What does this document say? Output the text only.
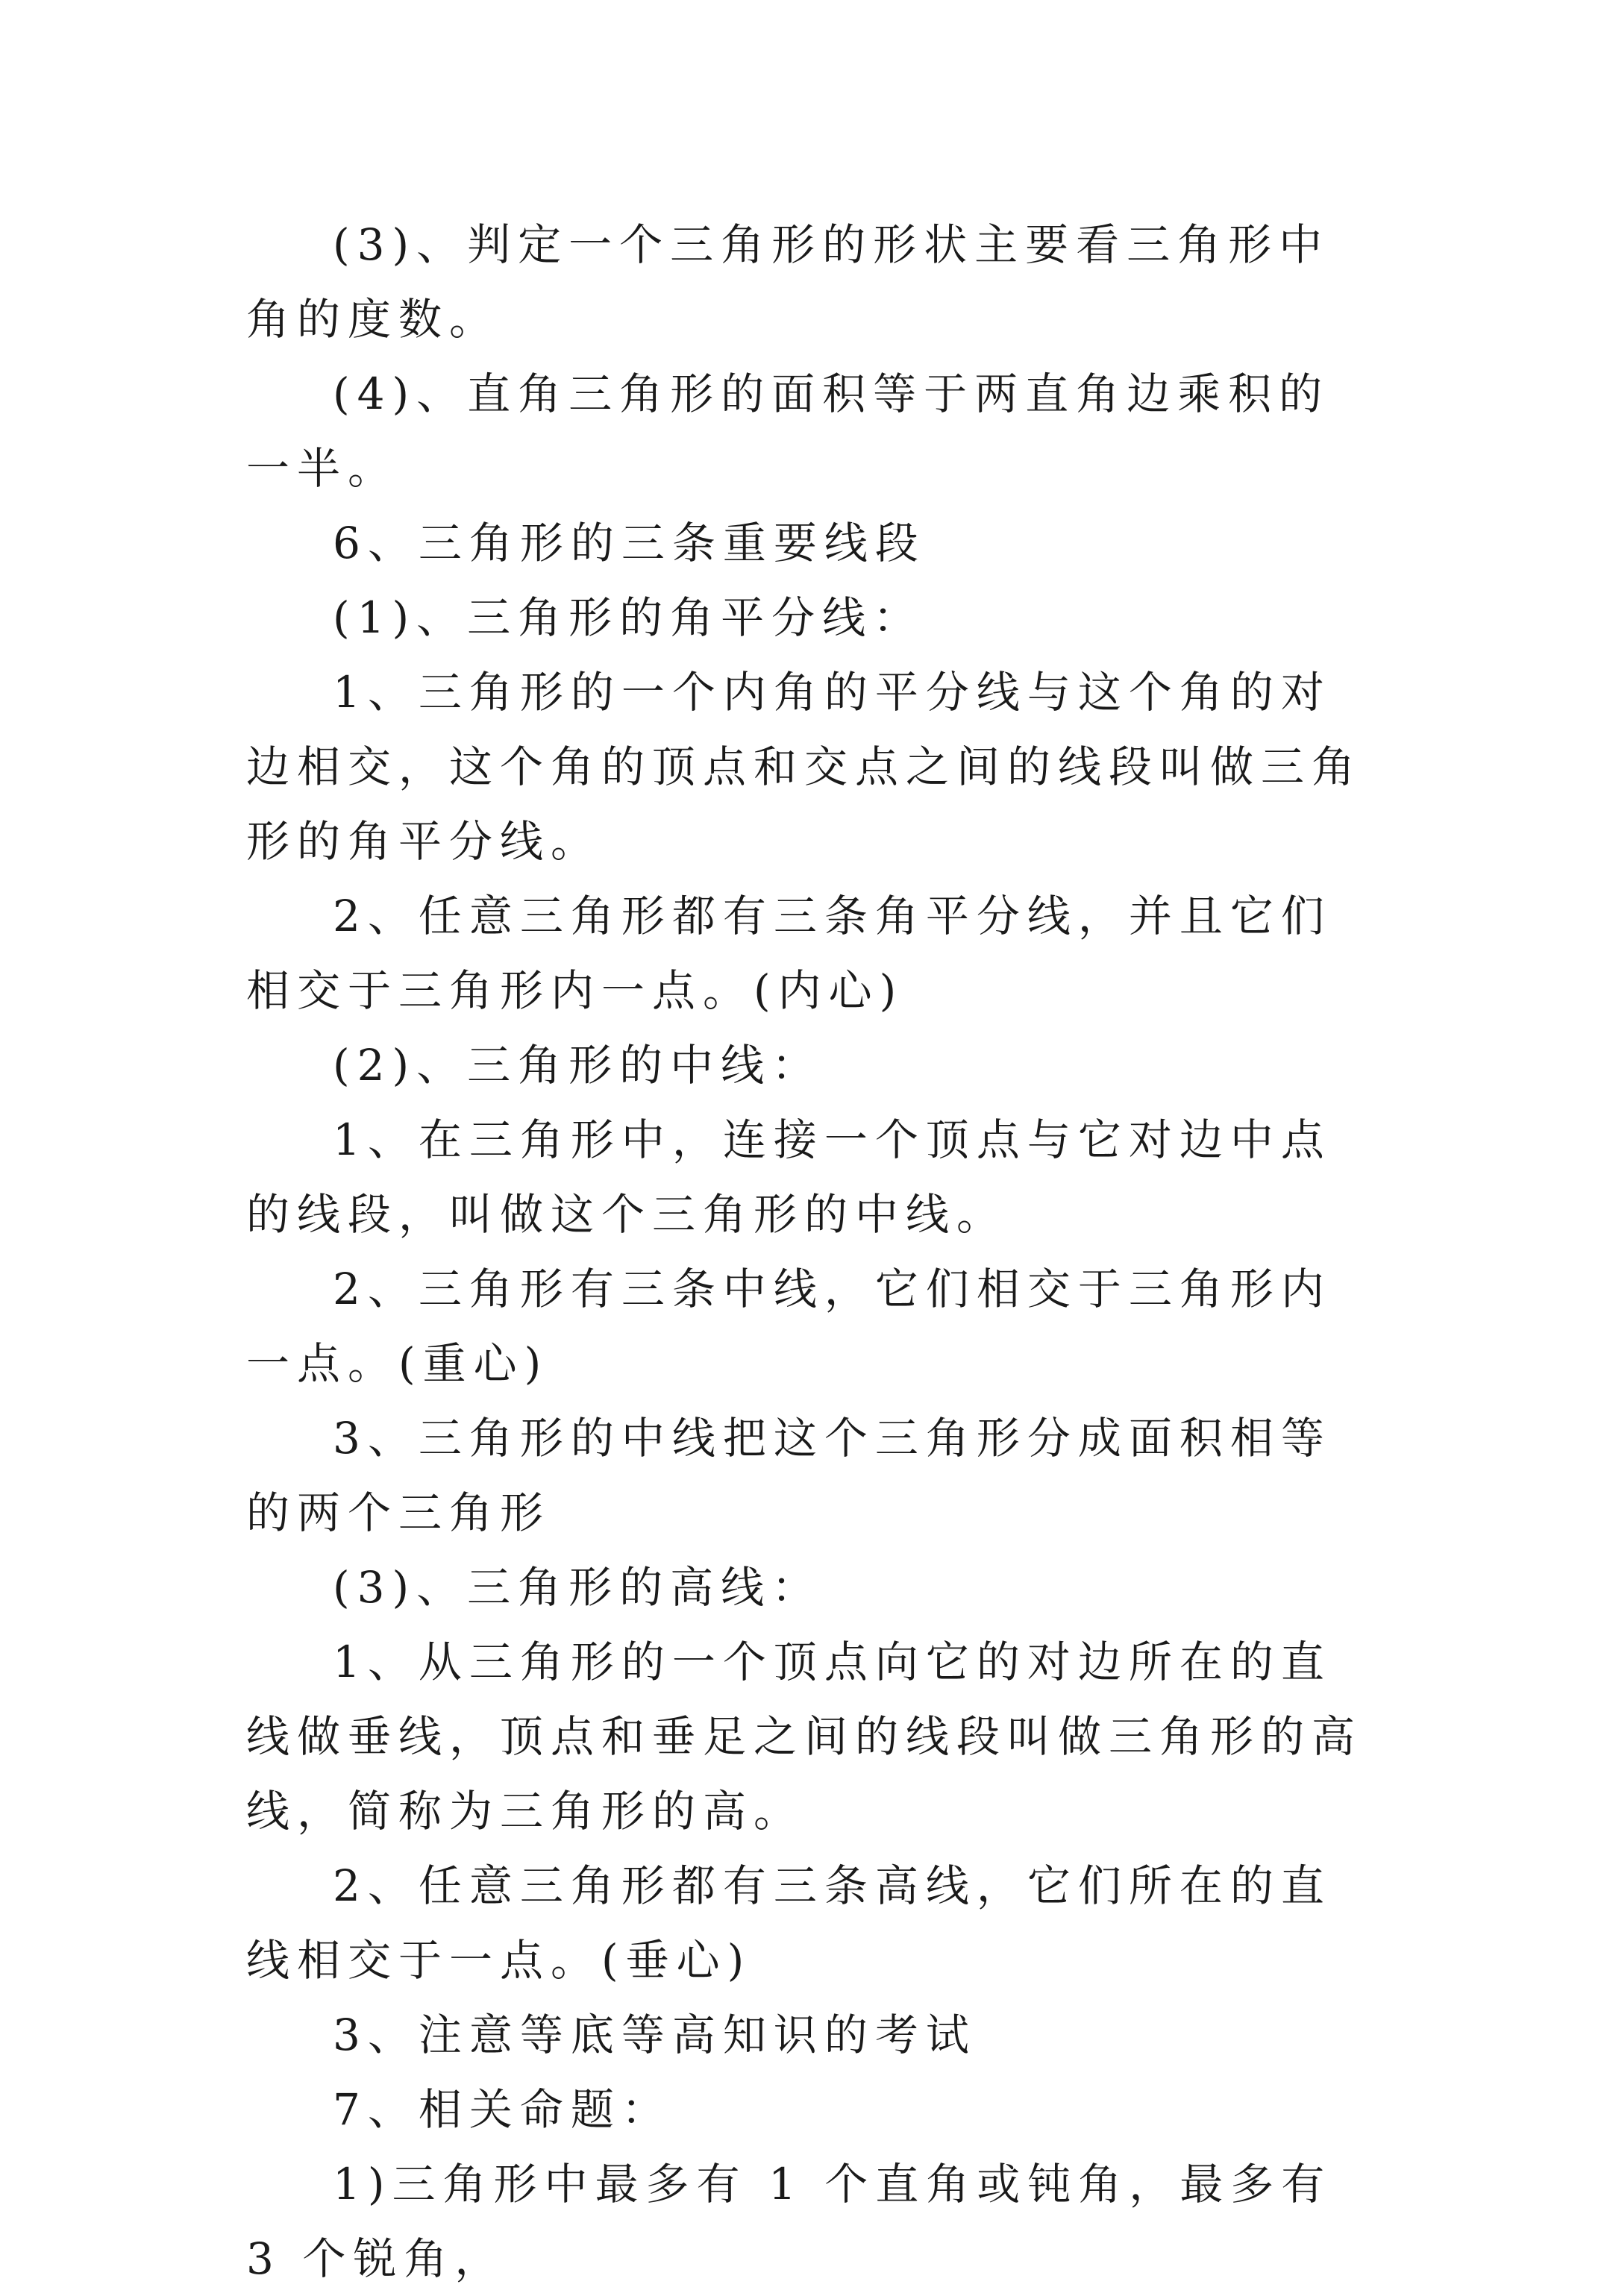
(3)、判定一个三角形的形状主要看三角形中角的度数。

(4)、直角三角形的面积等于两直角边乘积的一半。

6、三角形的三条重要线段

(1)、三角形的角平分线：

1、三角形的一个内角的平分线与这个角的对边相交，这个角的顶点和交点之间的线段叫做三角形的角平分线。

2、任意三角形都有三条角平分线，并且它们相交于三角形内一点。(内心)

(2)、三角形的中线：

1、在三角形中，连接一个顶点与它对边中点的线段，叫做这个三角形的中线。

2、三角形有三条中线，它们相交于三角形内一点。(重心)

3、三角形的中线把这个三角形分成面积相等的两个三角形

(3)、三角形的高线：

1、从三角形的一个顶点向它的对边所在的直线做垂线，顶点和垂足之间的线段叫做三角形的高线，简称为三角形的高。

2、任意三角形都有三条高线，它们所在的直线相交于一点。(垂心)

3、注意等底等高知识的考试

7、相关命题：

1)三角形中最多有 1 个直角或钝角，最多有 3 个锐角，
